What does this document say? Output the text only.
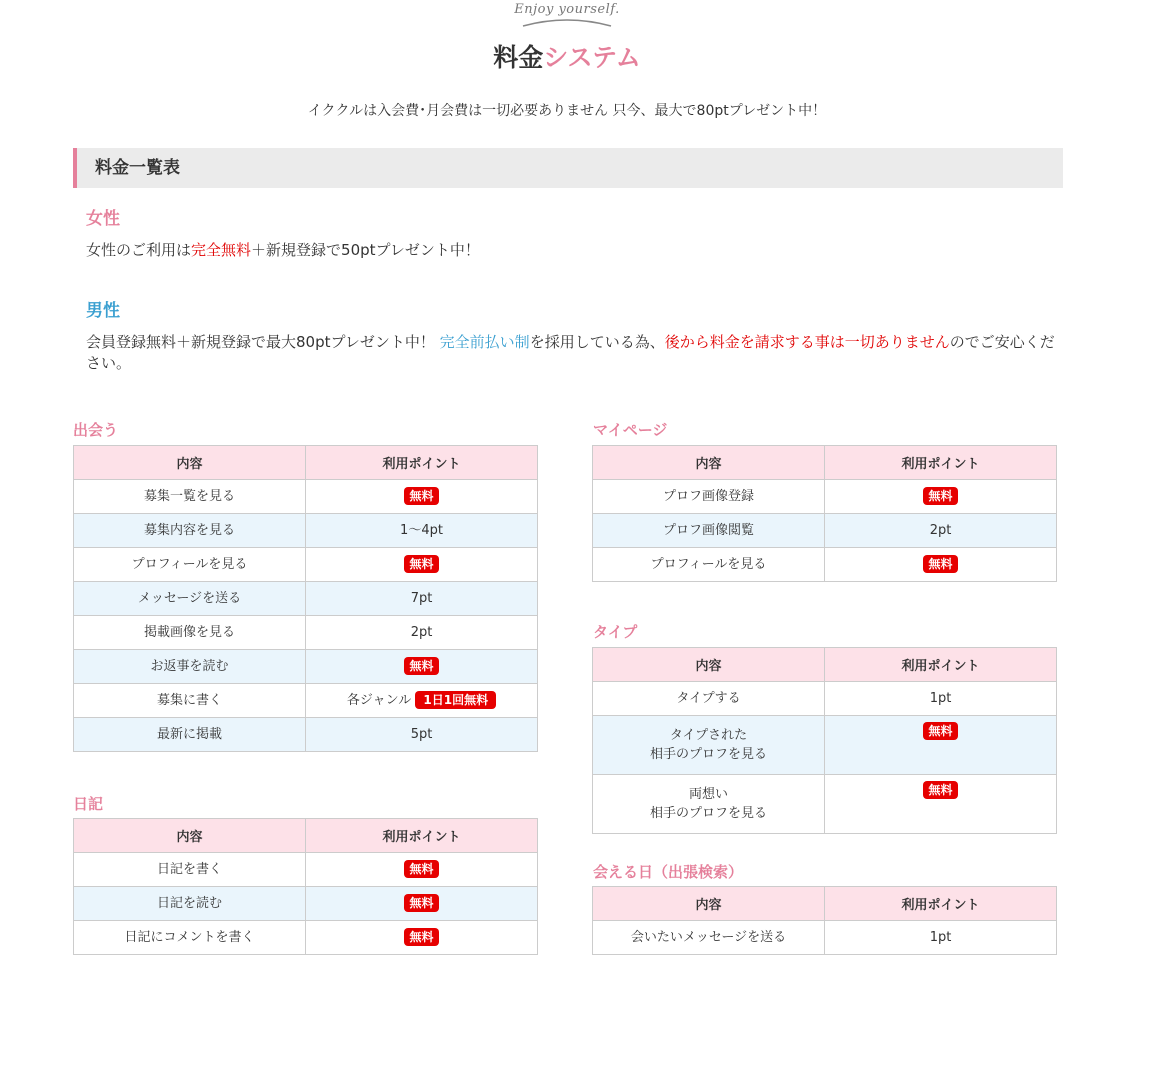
Enjoy yourself.
料金システム
イククルは入会費･月会費は一切必要ありません 只今、最大で80ptプレゼント中！
料金一覧表
女性
女性のご利用は完全無料＋新規登録で50ptプレゼント中！
男性
会員登録無料＋新規登録で最大80ptプレゼント中！ 完全前払い制を採用している為、後から料金を請求する事は一切ありませんのでご安心ください。
出会う
内容	利用ポイント
募集一覧を見る	無料
募集内容を見る	1〜4pt
プロフィールを見る	無料
メッセージを送る	7pt
掲載画像を見る	2pt
お返事を読む	無料
募集に書く	各ジャンル 1日1回無料
最新に掲載	5pt
日記
内容	利用ポイント
日記を書く	無料
日記を読む	無料
日記にコメントを書く	無料
マイページ
内容	利用ポイント
プロフ画像登録	無料
プロフ画像閲覧	2pt
プロフィールを見る	無料
タイプ
内容	利用ポイント
タイプする	1pt
タイプされた
相手のプロフを見る	無料
両想い
相手のプロフを見る	無料
会える日（出張検索）
内容	利用ポイント
会いたいメッセージを送る	1pt
